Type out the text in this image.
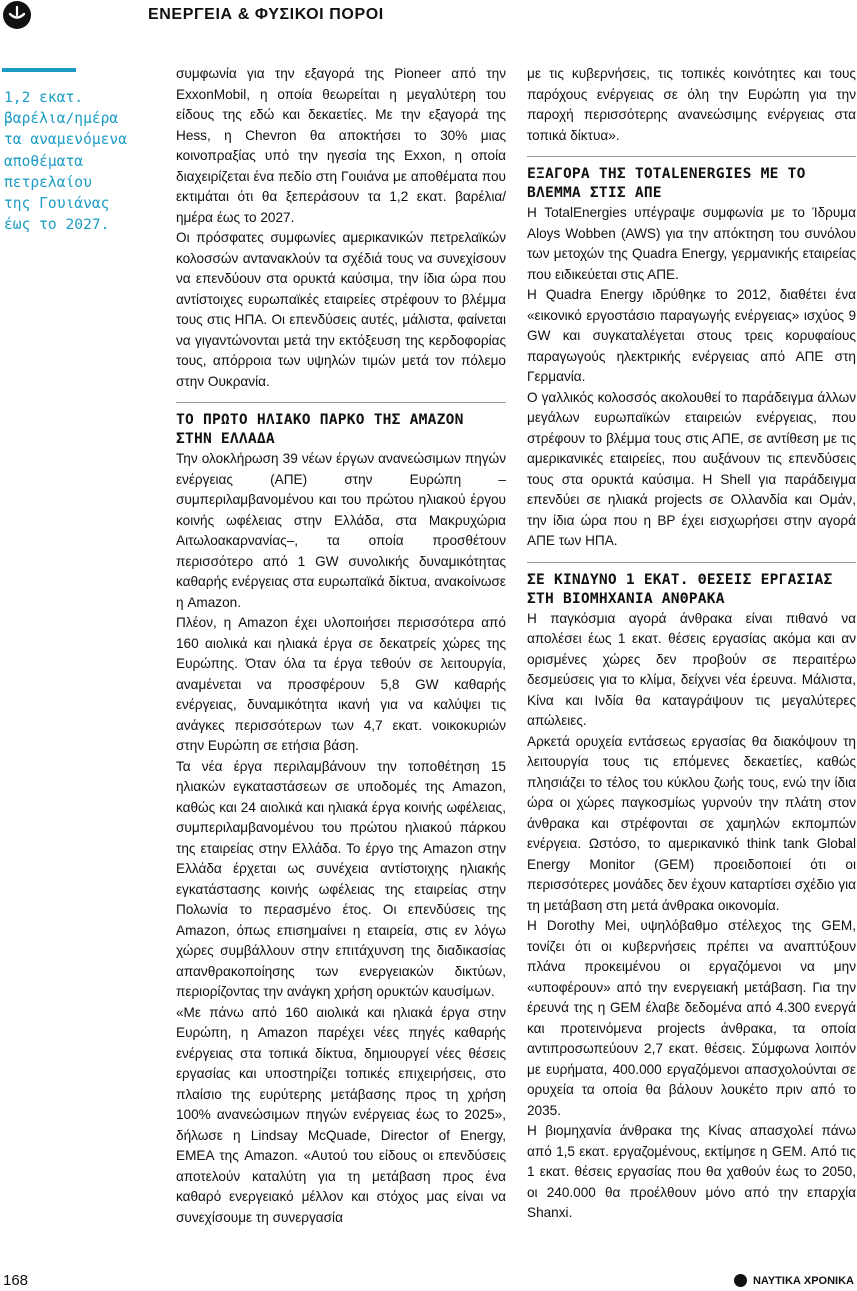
ΕΝΕΡΓΕΙΑ & ΦΥΣΙΚΟΙ ΠΟΡΟΙ
1,2 εκατ.
βαρέλια/ημέρα
τα αναμενόμενα
αποθέματα
πετρελαίου
της Γουιάνας
έως το 2027.

συμφωνία για την εξαγορά της Pioneer από την ExxonMobil, η οποία θεωρείται η μεγαλύτερη του είδους της εδώ και δεκαετίες. Με την εξαγορά της Hess, η Chevron θα αποκτήσει το 30% μιας κοινοπραξίας υπό την ηγεσία της Exxon, η οποία διαχειρίζεται ένα πεδίο στη Γουιάνα με αποθέματα που εκτιμάται ότι θα ξεπεράσουν τα 1,2 εκατ. βαρέλια/ημέρα έως το 2027.

Οι πρόσφατες συμφωνίες αμερικανικών πετρελαϊκών κολοσσών αντανακλούν τα σχέδιά τους να συνεχίσουν να επενδύουν στα ορυκτά καύσιμα, την ίδια ώρα που αντίστοιχες ευρωπαϊκές εταιρείες στρέφουν το βλέμμα τους στις ΗΠΑ. Οι επενδύσεις αυτές, μάλιστα, φαίνεται να γιγαντώνονται μετά την εκτόξευση της κερδοφορίας τους, απόρροια των υψηλών τιμών μετά τον πόλεμο στην Ουκρανία.

ΤΟ ΠΡΩΤΟ ΗΛΙΑΚΟ ΠΑΡΚΟ ΤΗΣ AMAZON ΣΤΗΝ ΕΛΛΑΔΑ

Την ολοκλήρωση 39 νέων έργων ανανεώσιμων πηγών ενέργειας (ΑΠΕ) στην Ευρώπη –συμπεριλαμβανομένου και του πρώτου ηλιακού έργου κοινής ωφέλειας στην Ελλάδα, στα Μακρυχώρια Αιτωλοακαρνανίας–, τα οποία προσθέτουν περισσότερο από 1 GW συνολικής δυναμικότητας καθαρής ενέργειας στα ευρωπαϊκά δίκτυα, ανακοίνωσε η Amazon.

Πλέον, η Amazon έχει υλοποιήσει περισσότερα από 160 αιολικά και ηλιακά έργα σε δεκατρείς χώρες της Ευρώπης. Όταν όλα τα έργα τεθούν σε λειτουργία, αναμένεται να προσφέρουν 5,8 GW καθαρής ενέργειας, δυναμικότητα ικανή για να καλύψει τις ανάγκες περισσότερων των 4,7 εκατ. νοικοκυριών στην Ευρώπη σε ετήσια βάση.

Τα νέα έργα περιλαμβάνουν την τοποθέτηση 15 ηλιακών εγκαταστάσεων σε υποδομές της Amazon, καθώς και 24 αιολικά και ηλιακά έργα κοινής ωφέλειας, συμπεριλαμβανομένου του πρώτου ηλιακού πάρκου της εταιρείας στην Ελλάδα. Το έργο της Amazon στην Ελλάδα έρχεται ως συνέχεια αντίστοιχης ηλιακής εγκατάστασης κοινής ωφέλειας της εταιρείας στην Πολωνία το περασμένο έτος. Οι επενδύσεις της Amazon, όπως επισημαίνει η εταιρεία, στις εν λόγω χώρες συμβάλλουν στην επιτάχυνση της διαδικασίας απανθρακοποίησης των ενεργειακών δικτύων, περιορίζοντας την ανάγκη χρήση ορυκτών καυσίμων.

«Με πάνω από 160 αιολικά και ηλιακά έργα στην Ευρώπη, η Amazon παρέχει νέες πηγές καθαρής ενέργειας στα τοπικά δίκτυα, δημιουργεί νέες θέσεις εργασίας και υποστηρίζει τοπικές επιχειρήσεις, στο πλαίσιο της ευρύτερης μετάβασης προς τη χρήση 100% ανανεώσιμων πηγών ενέργειας έως το 2025», δήλωσε η Lindsay McQuade, Director of Energy, EMEA της Amazon. «Αυτού του είδους οι επενδύσεις αποτελούν καταλύτη για τη μετάβαση προς ένα καθαρό ενεργειακό μέλλον και στόχος μας είναι να συνεχίσουμε τη συνεργασία

με τις κυβερνήσεις, τις τοπικές κοινότητες και τους παρόχους ενέργειας σε όλη την Ευρώπη για την παροχή περισσότερης ανανεώσιμης ενέργειας στα τοπικά δίκτυα».

ΕΞΑΓΟΡΑ ΤΗΣ TOTALENERGIES ΜΕ ΤΟ ΒΛΕΜΜΑ ΣΤΙΣ ΑΠΕ

Η TotalEnergies υπέγραψε συμφωνία με το Ίδρυμα Aloys Wobben (AWS) για την απόκτηση του συνόλου των μετοχών της Quadra Energy, γερμανικής εταιρείας που ειδικεύεται στις ΑΠΕ.

Η Quadra Energy ιδρύθηκε το 2012, διαθέτει ένα «εικονικό εργοστάσιο παραγωγής ενέργειας» ισχύος 9 GW και συγκαταλέγεται στους τρεις κορυφαίους παραγωγούς ηλεκτρικής ενέργειας από ΑΠΕ στη Γερμανία.

Ο γαλλικός κολοσσός ακολουθεί το παράδειγμα άλλων μεγάλων ευρωπαϊκών εταιρειών ενέργειας, που στρέφουν το βλέμμα τους στις ΑΠΕ, σε αντίθεση με τις αμερικανικές εταιρείες, που αυξάνουν τις επενδύσεις τους στα ορυκτά καύσιμα. Η Shell για παράδειγμα επενδύει σε ηλιακά projects σε Ολλανδία και Ομάν, την ίδια ώρα που η BP έχει εισχωρήσει στην αγορά ΑΠΕ των ΗΠΑ.

ΣΕ ΚΙΝΔΥΝΟ 1 ΕΚΑΤ. ΘΕΣΕΙΣ ΕΡΓΑΣΙΑΣ ΣΤΗ ΒΙΟΜΗΧΑΝΙΑ ΑΝΘΡΑΚΑ

Η παγκόσμια αγορά άνθρακα είναι πιθανό να απολέσει έως 1 εκατ. θέσεις εργασίας ακόμα και αν ορισμένες χώρες δεν προβούν σε περαιτέρω δεσμεύσεις για το κλίμα, δείχνει νέα έρευνα. Μάλιστα, Κίνα και Ινδία θα καταγράψουν τις μεγαλύτερες απώλειες.

Αρκετά ορυχεία εντάσεως εργασίας θα διακόψουν τη λειτουργία τους τις επόμενες δεκαετίες, καθώς πλησιάζει το τέλος του κύκλου ζωής τους, ενώ την ίδια ώρα οι χώρες παγκοσμίως γυρνούν την πλάτη στον άνθρακα και στρέφονται σε χαμηλών εκπομπών ενέργεια. Ωστόσο, το αμερικανικό think tank Global Energy Monitor (GEM) προειδοποιεί ότι οι περισσότερες μονάδες δεν έχουν καταρτίσει σχέδιο για τη μετάβαση στη μετά άνθρακα οικονομία.

Η Dorothy Mei, υψηλόβαθμο στέλεχος της GEM, τονίζει ότι οι κυβερνήσεις πρέπει να αναπτύξουν πλάνα προκειμένου οι εργαζόμενοι να μην «υποφέρουν» από την ενεργειακή μετάβαση. Για την έρευνά της η GEM έλαβε δεδομένα από 4.300 ενεργά και προτεινόμενα projects άνθρακα, τα οποία αντιπροσωπεύουν 2,7 εκατ. θέσεις. Σύμφωνα λοιπόν με ευρήματα, 400.000 εργαζόμενοι απασχολούνται σε ορυχεία τα οποία θα βάλουν λουκέτο πριν από το 2035.

Η βιομηχανία άνθρακα της Κίνας απασχολεί πάνω από 1,5 εκατ. εργαζομένους, εκτίμησε η GEM. Από τις 1 εκατ. θέσεις εργασίας που θα χαθούν έως το 2050, οι 240.000 θα προέλθουν μόνο από την επαρχία Shanxi.

168	ΝΑΥΤΙΚΑ ΧΡΟΝΙΚΑ
